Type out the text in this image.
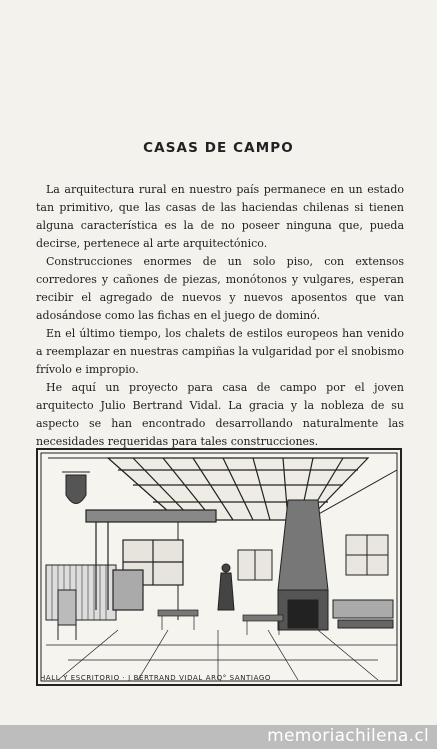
CASAS DE CAMPO

La arquitectura rural en nuestro país permanece en un estado tan primitivo, que las casas de las haciendas chilenas si tienen alguna característica es la de no poseer ninguna que, pueda decirse, pertenece al arte arquitectónico.

Construcciones enormes de un solo piso, con extensos corredores y cañones de piezas, monótonos y vulgares, esperan recibir el agregado de nuevos y nuevos aposentos que van adosándose como las fichas en el juego de dominó.

En el último tiempo, los chalets de estilos europeos han venido a reemplazar en nuestras campiñas la vulgaridad por el snobismo frívolo e impropio.

He aquí un proyecto para casa de campo por el joven arquitecto Julio Bertrand Vidal. La gracia y la nobleza de su aspecto se han encontrado desarrollando naturalmente las necesidades requeridas para tales construcciones.

HALL Y ESCRITORIO · J BERTRAND VIDAL ARQ° SANTIAGO
memoriachilena.cl
